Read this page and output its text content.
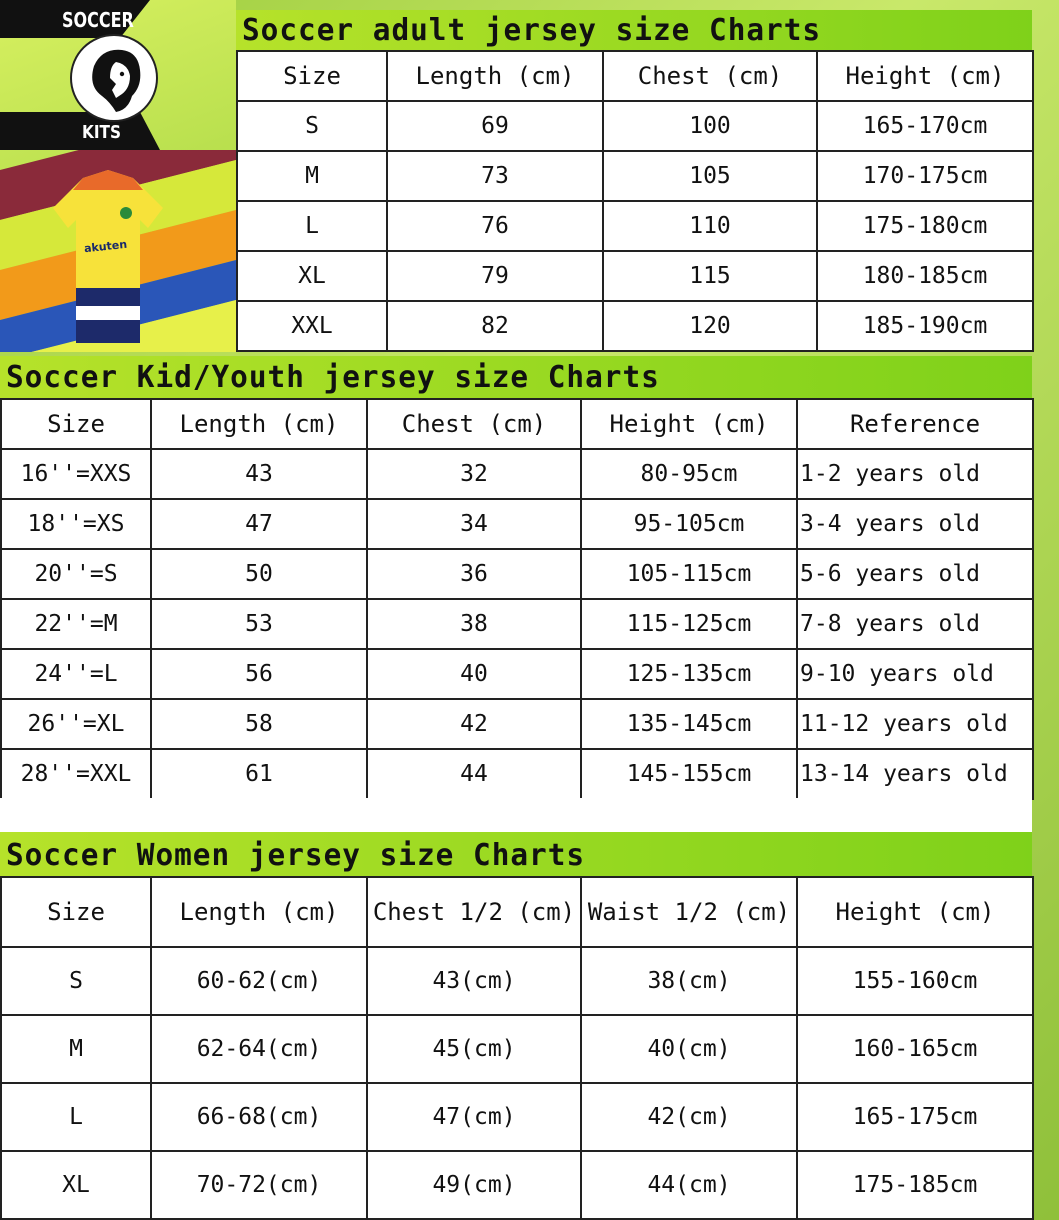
akuten
SOCCER
KITS
Soccer adult jersey size Charts
Size	Length (cm)	Chest (cm)	Height (cm)
S	69	100	165-170cm
M	73	105	170-175cm
L	76	110	175-180cm
XL	79	115	180-185cm
XXL	82	120	185-190cm
Soccer Kid/Youth jersey size Charts
Size	Length (cm)	Chest (cm)	Height (cm)	Reference
16''=XXS	43	32	80-95cm	1-2 years old
18''=XS	47	34	95-105cm	3-4 years old
20''=S	50	36	105-115cm	5-6 years old
22''=M	53	38	115-125cm	7-8 years old
24''=L	56	40	125-135cm	9-10 years old
26''=XL	58	42	135-145cm	11-12 years old
28''=XXL	61	44	145-155cm	13-14 years old
Soccer Women jersey size Charts
Size	Length (cm)	Chest 1/2 (cm)	Waist 1/2 (cm)	Height (cm)
S	60-62(cm)	43(cm)	38(cm)	155-160cm
M	62-64(cm)	45(cm)	40(cm)	160-165cm
L	66-68(cm)	47(cm)	42(cm)	165-175cm
XL	70-72(cm)	49(cm)	44(cm)	175-185cm
